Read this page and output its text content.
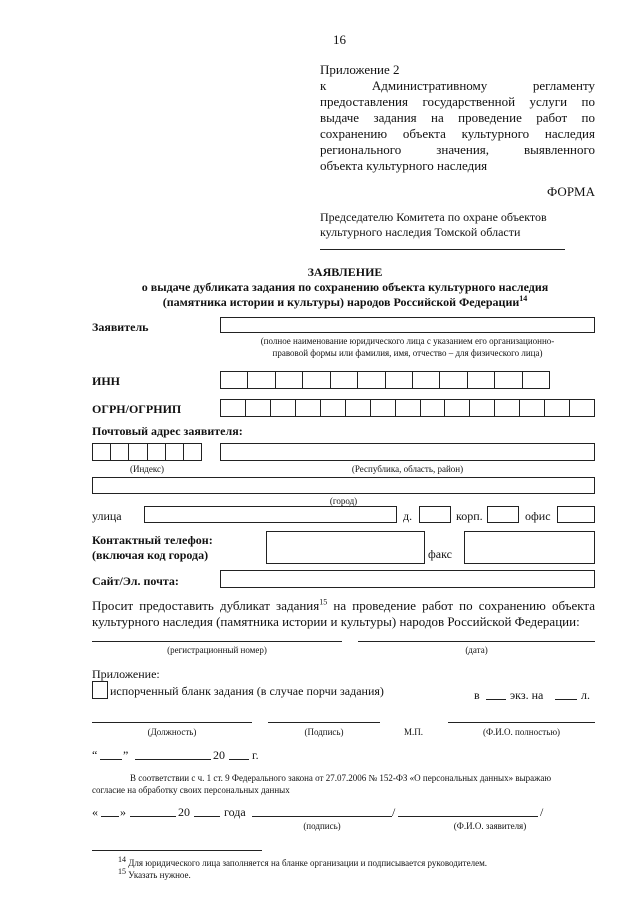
16
Приложение 2
к Административному регламенту
предоставления государственной услуги по
выдаче задания на проведение работ по
сохранению объекта культурного наследия
регионального значения, выявленного
объекта культурного наследия
ФОРМА
Председателю Комитета по охране объектов
культурного наследия Томской области
ЗАЯВЛЕНИЕ
о выдаче дубликата задания по сохранению объекта культурного наследия
(памятника истории и культуры) народов Российской Федерации$^{14}$
Заявитель
(полное наименование юридического лица с указанием его организационно-
правовой формы или фамилия, имя, отчество – для физического лица)
ИНН
ОГРН/ОГРНИП
Почтовый адрес заявителя:
(Индекс)	(Республика, область, район)
(город)
улица	д.	корп.	офис
Контактный телефон:
(включая код города)	факс
Сайт/Эл. почта:
Просит предоставить дубликат задания$^{15}$ на проведение работ по сохранению объекта
культурного наследия (памятника истории и культуры) народов Российской Федерации:
(регистрационный номер)	(дата)
Приложение:
испорченный бланк задания (в случае порчи задания)	в	экз. на	л.
(Должность)	(Подпись)	М.П.	(Ф.И.О. полностью)
“ ”	20 г.
В соответствии с ч. 1 ст. 9 Федерального закона от 27.07.2006 № 152-ФЗ «О персональных данных» выражаю
согласие на обработку своих персональных данных
« »	20	года	/	/
(подпись)	(Ф.И.О. заявителя)
14 Для юридического лица заполняется на бланке организации и подписывается руководителем.
15 Указать нужное.
